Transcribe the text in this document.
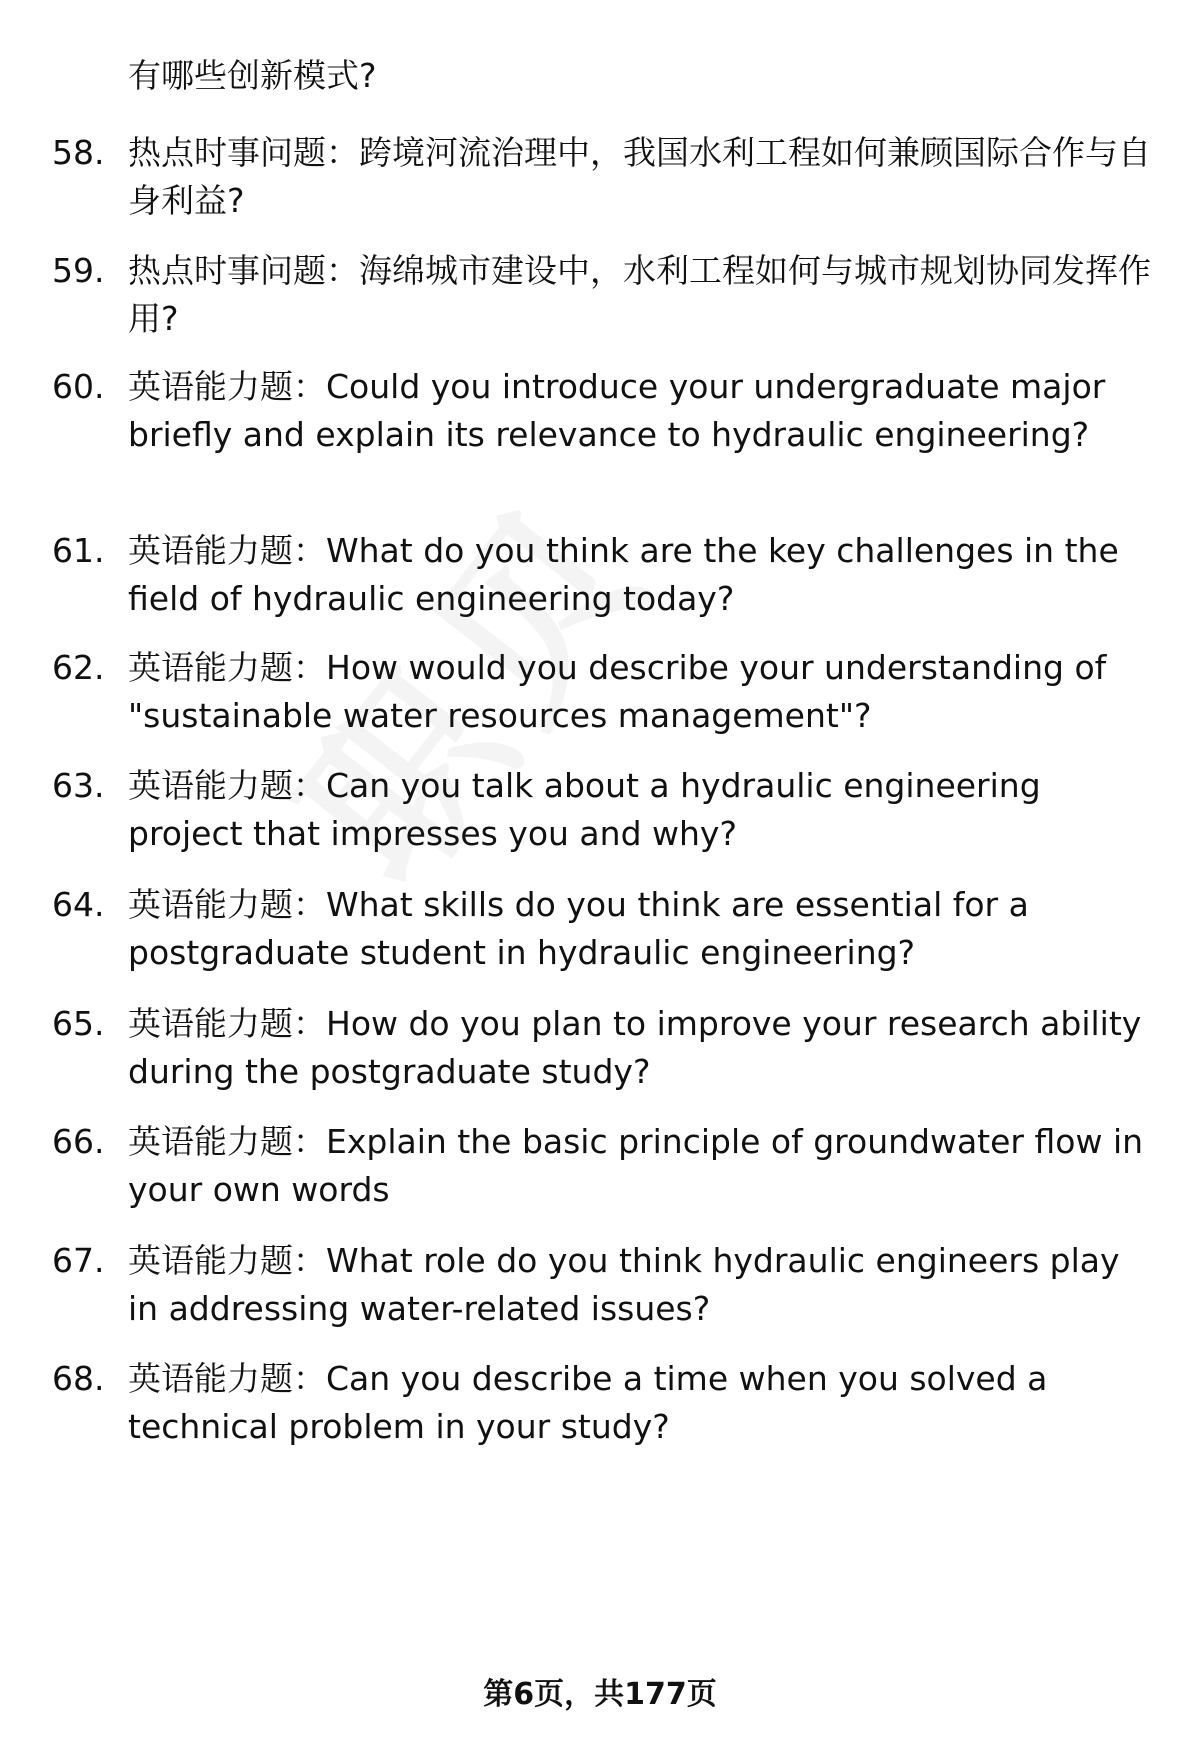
有哪些创新模式?
58. 热点时事问题：跨境河流治理中，我国水利工程如何兼顾国际合作与自身利益?
59. 热点时事问题：海绵城市建设中，水利工程如何与城市规划协同发挥作用?
60. 英语能力题：Could you introduce your undergraduate major briefly and explain its relevance to hydraulic engineering?
61. 英语能力题：What do you think are the key challenges in the field of hydraulic engineering today?
62. 英语能力题：How would you describe your understanding of "sustainable water resources management"?
63. 英语能力题：Can you talk about a hydraulic engineering project that impresses you and why?
64. 英语能力题：What skills do you think are essential for a postgraduate student in hydraulic engineering?
65. 英语能力题：How do you plan to improve your research ability during the postgraduate study?
66. 英语能力题：Explain the basic principle of groundwater flow in your own words
67. 英语能力题：What role do you think hydraulic engineers play in addressing water-related issues?
68. 英语能力题：Can you describe a time when you solved a technical problem in your study?
第6页，共177页
